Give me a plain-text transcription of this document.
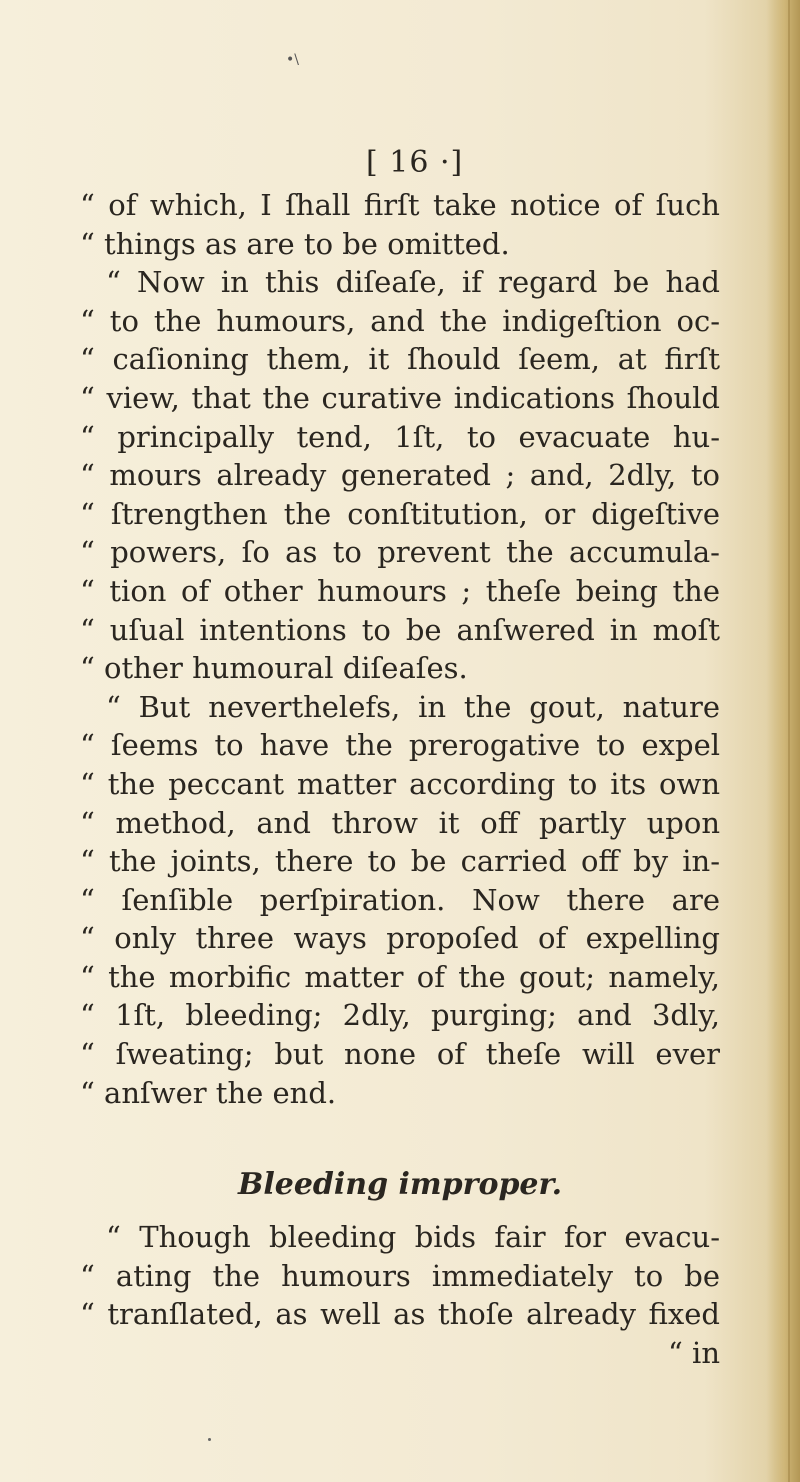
•\
[ 16 ·]
“ of which, I ſhall firſt take notice of ſuch
“ things as are to be omitted.
“ Now in this diſeaſe, if regard be had
“ to the humours, and the indigeſtion oc-
“ caſioning them, it ſhould ſeem, at firſt
“ view, that the curative indications ſhould
“ principally tend, 1ſt, to evacuate hu-
“ mours already generated ; and, 2dly, to
“ ſtrengthen the conſtitution, or digeſtive
“ powers, ſo as to prevent the accumula-
“ tion of other humours ; theſe being the
“ uſual intentions to be anſwered in moſt
“ other humoural diſeaſes.
“ But neverthelefs, in the gout, nature
“ ſeems to have the prerogative to expel
“ the peccant matter according to its own
“ method, and throw it off partly upon
“ the joints, there to be carried off by in-
“ ſenſible perſpiration. Now there are
“ only three ways propoſed of expelling
“ the morbific matter of the gout; namely,
“ 1ſt, bleeding; 2dly, purging; and 3dly,
“ ſweating; but none of theſe will ever
“ anſwer the end.
Bleeding improper.
“ Though bleeding bids fair for evacu-
“ ating the humours immediately to be
“ tranſlated, as well as thoſe already fixed
“ in
